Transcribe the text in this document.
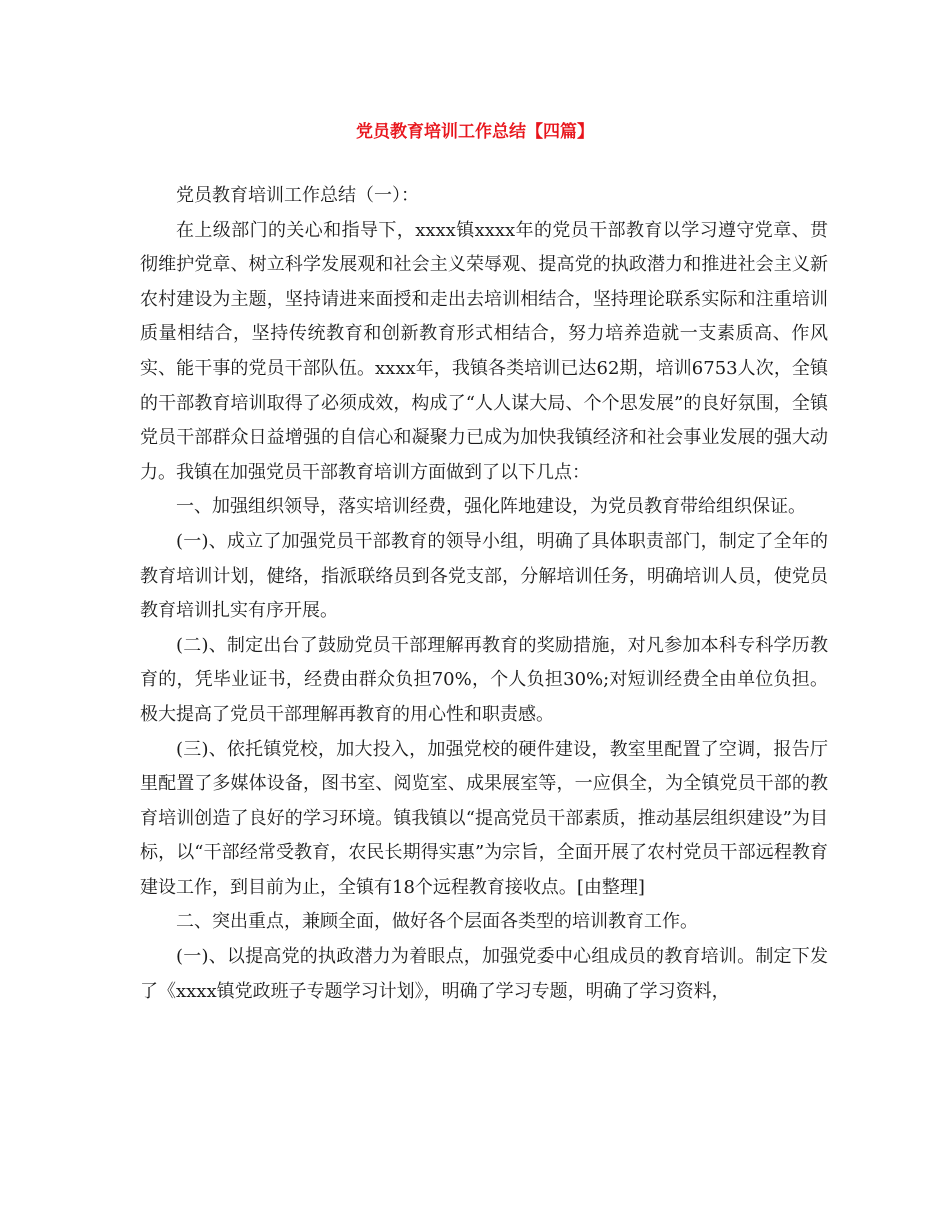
党员教育培训工作总结【四篇】

党员教育培训工作总结（一）：

在上级部门的关心和指导下，xxxx镇xxxx年的党员干部教育以学习遵守党章、贯彻维护党章、树立科学发展观和社会主义荣辱观、提高党的执政潜力和推进社会主义新农村建设为主题，坚持请进来面授和走出去培训相结合，坚持理论联系实际和注重培训质量相结合，坚持传统教育和创新教育形式相结合，努力培养造就一支素质高、作风实、能干事的党员干部队伍。xxxx年，我镇各类培训已达62期，培训6753人次，全镇的干部教育培训取得了必须成效，构成了“人人谋大局、个个思发展”的良好氛围，全镇党员干部群众日益增强的自信心和凝聚力已成为加快我镇经济和社会事业发展的强大动力。我镇在加强党员干部教育培训方面做到了以下几点：

一、加强组织领导，落实培训经费，强化阵地建设，为党员教育带给组织保证。

(一)、成立了加强党员干部教育的领导小组，明确了具体职责部门，制定了全年的教育培训计划，健络，指派联络员到各党支部，分解培训任务，明确培训人员，使党员教育培训扎实有序开展。

(二)、制定出台了鼓励党员干部理解再教育的奖励措施，对凡参加本科专科学历教育的，凭毕业证书，经费由群众负担70%，个人负担30%;对短训经费全由单位负担。极大提高了党员干部理解再教育的用心性和职责感。

(三)、依托镇党校，加大投入，加强党校的硬件建设，教室里配置了空调，报告厅里配置了多媒体设备，图书室、阅览室、成果展室等，一应俱全，为全镇党员干部的教育培训创造了良好的学习环境。镇我镇以“提高党员干部素质，推动基层组织建设”为目标，以“干部经常受教育，农民长期得实惠”为宗旨，全面开展了农村党员干部远程教育建设工作，到目前为止，全镇有18个远程教育接收点。[由整理]

二、突出重点，兼顾全面，做好各个层面各类型的培训教育工作。

(一)、以提高党的执政潜力为着眼点，加强党委中心组成员的教育培训。制定下发了《xxxx镇党政班子专题学习计划》，明确了学习专题，明确了学习资料，
